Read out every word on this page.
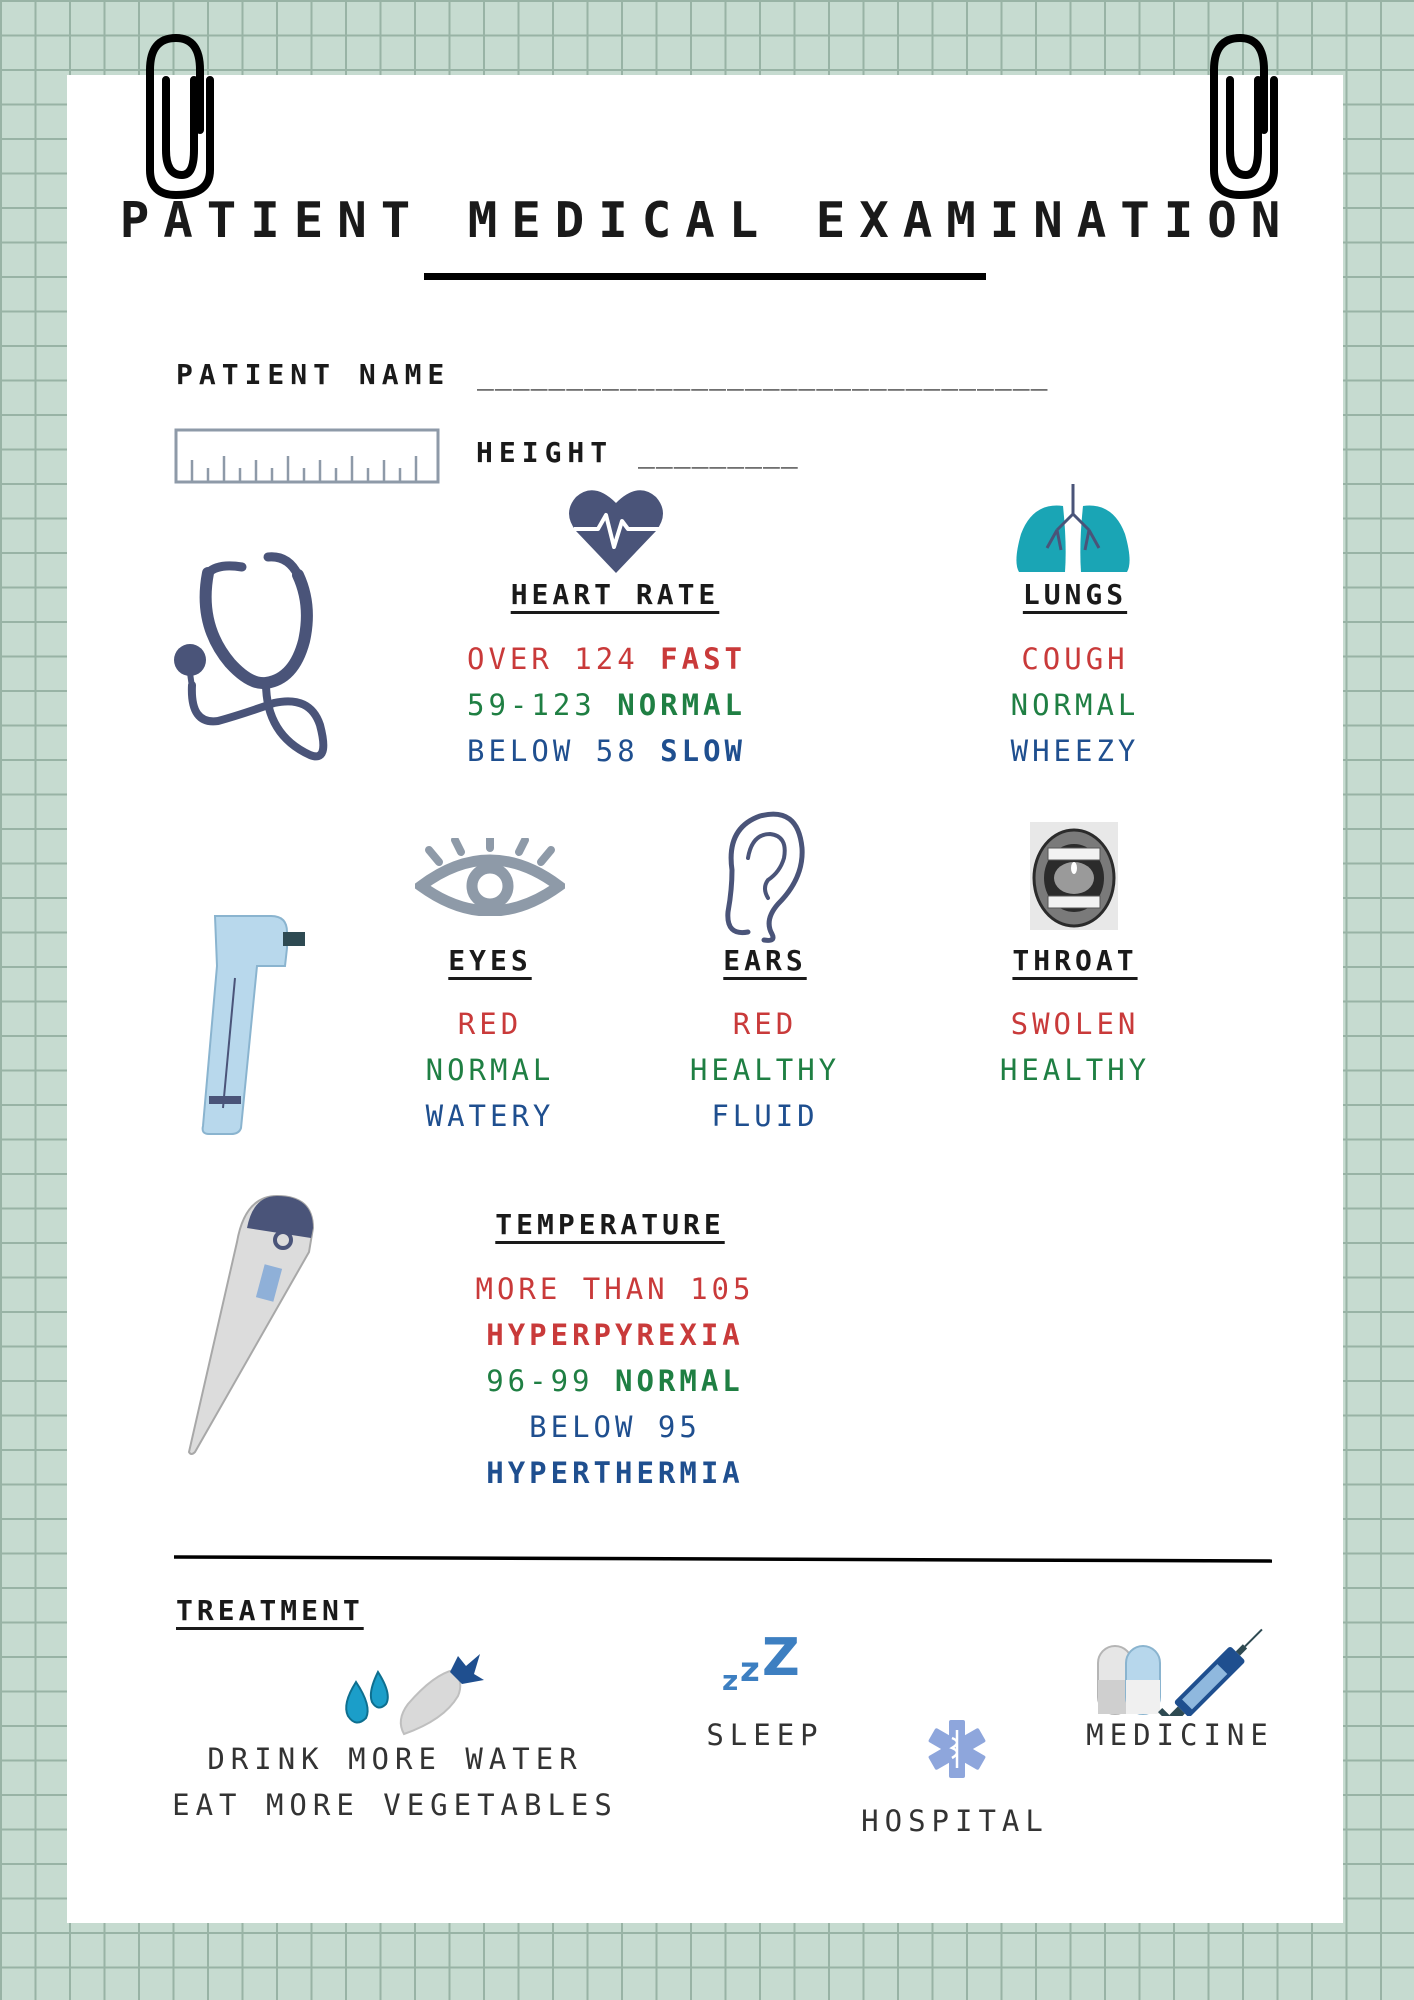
PATIENT MEDICAL EXAMINATION
PATIENT NAME ________________________________
HEIGHT _________
HEART RATE
OVER 124 FAST
59-123 NORMAL
BELOW 58 SLOW
LUNGS
COUGH
NORMAL
WHEEZY
EYES
RED
NORMAL
WATERY
EARS
RED
HEALTHY
FLUID
THROAT
SWOLEN
HEALTHY
TEMPERATURE
MORE THAN 105
HYPERPYREXIA
96-99 NORMAL
BELOW 95
HYPERTHERMIA
TREATMENT
DRINK MORE WATER
EAT MORE VEGETABLES
z z Z
SLEEP
HOSPITAL
MEDICINE
